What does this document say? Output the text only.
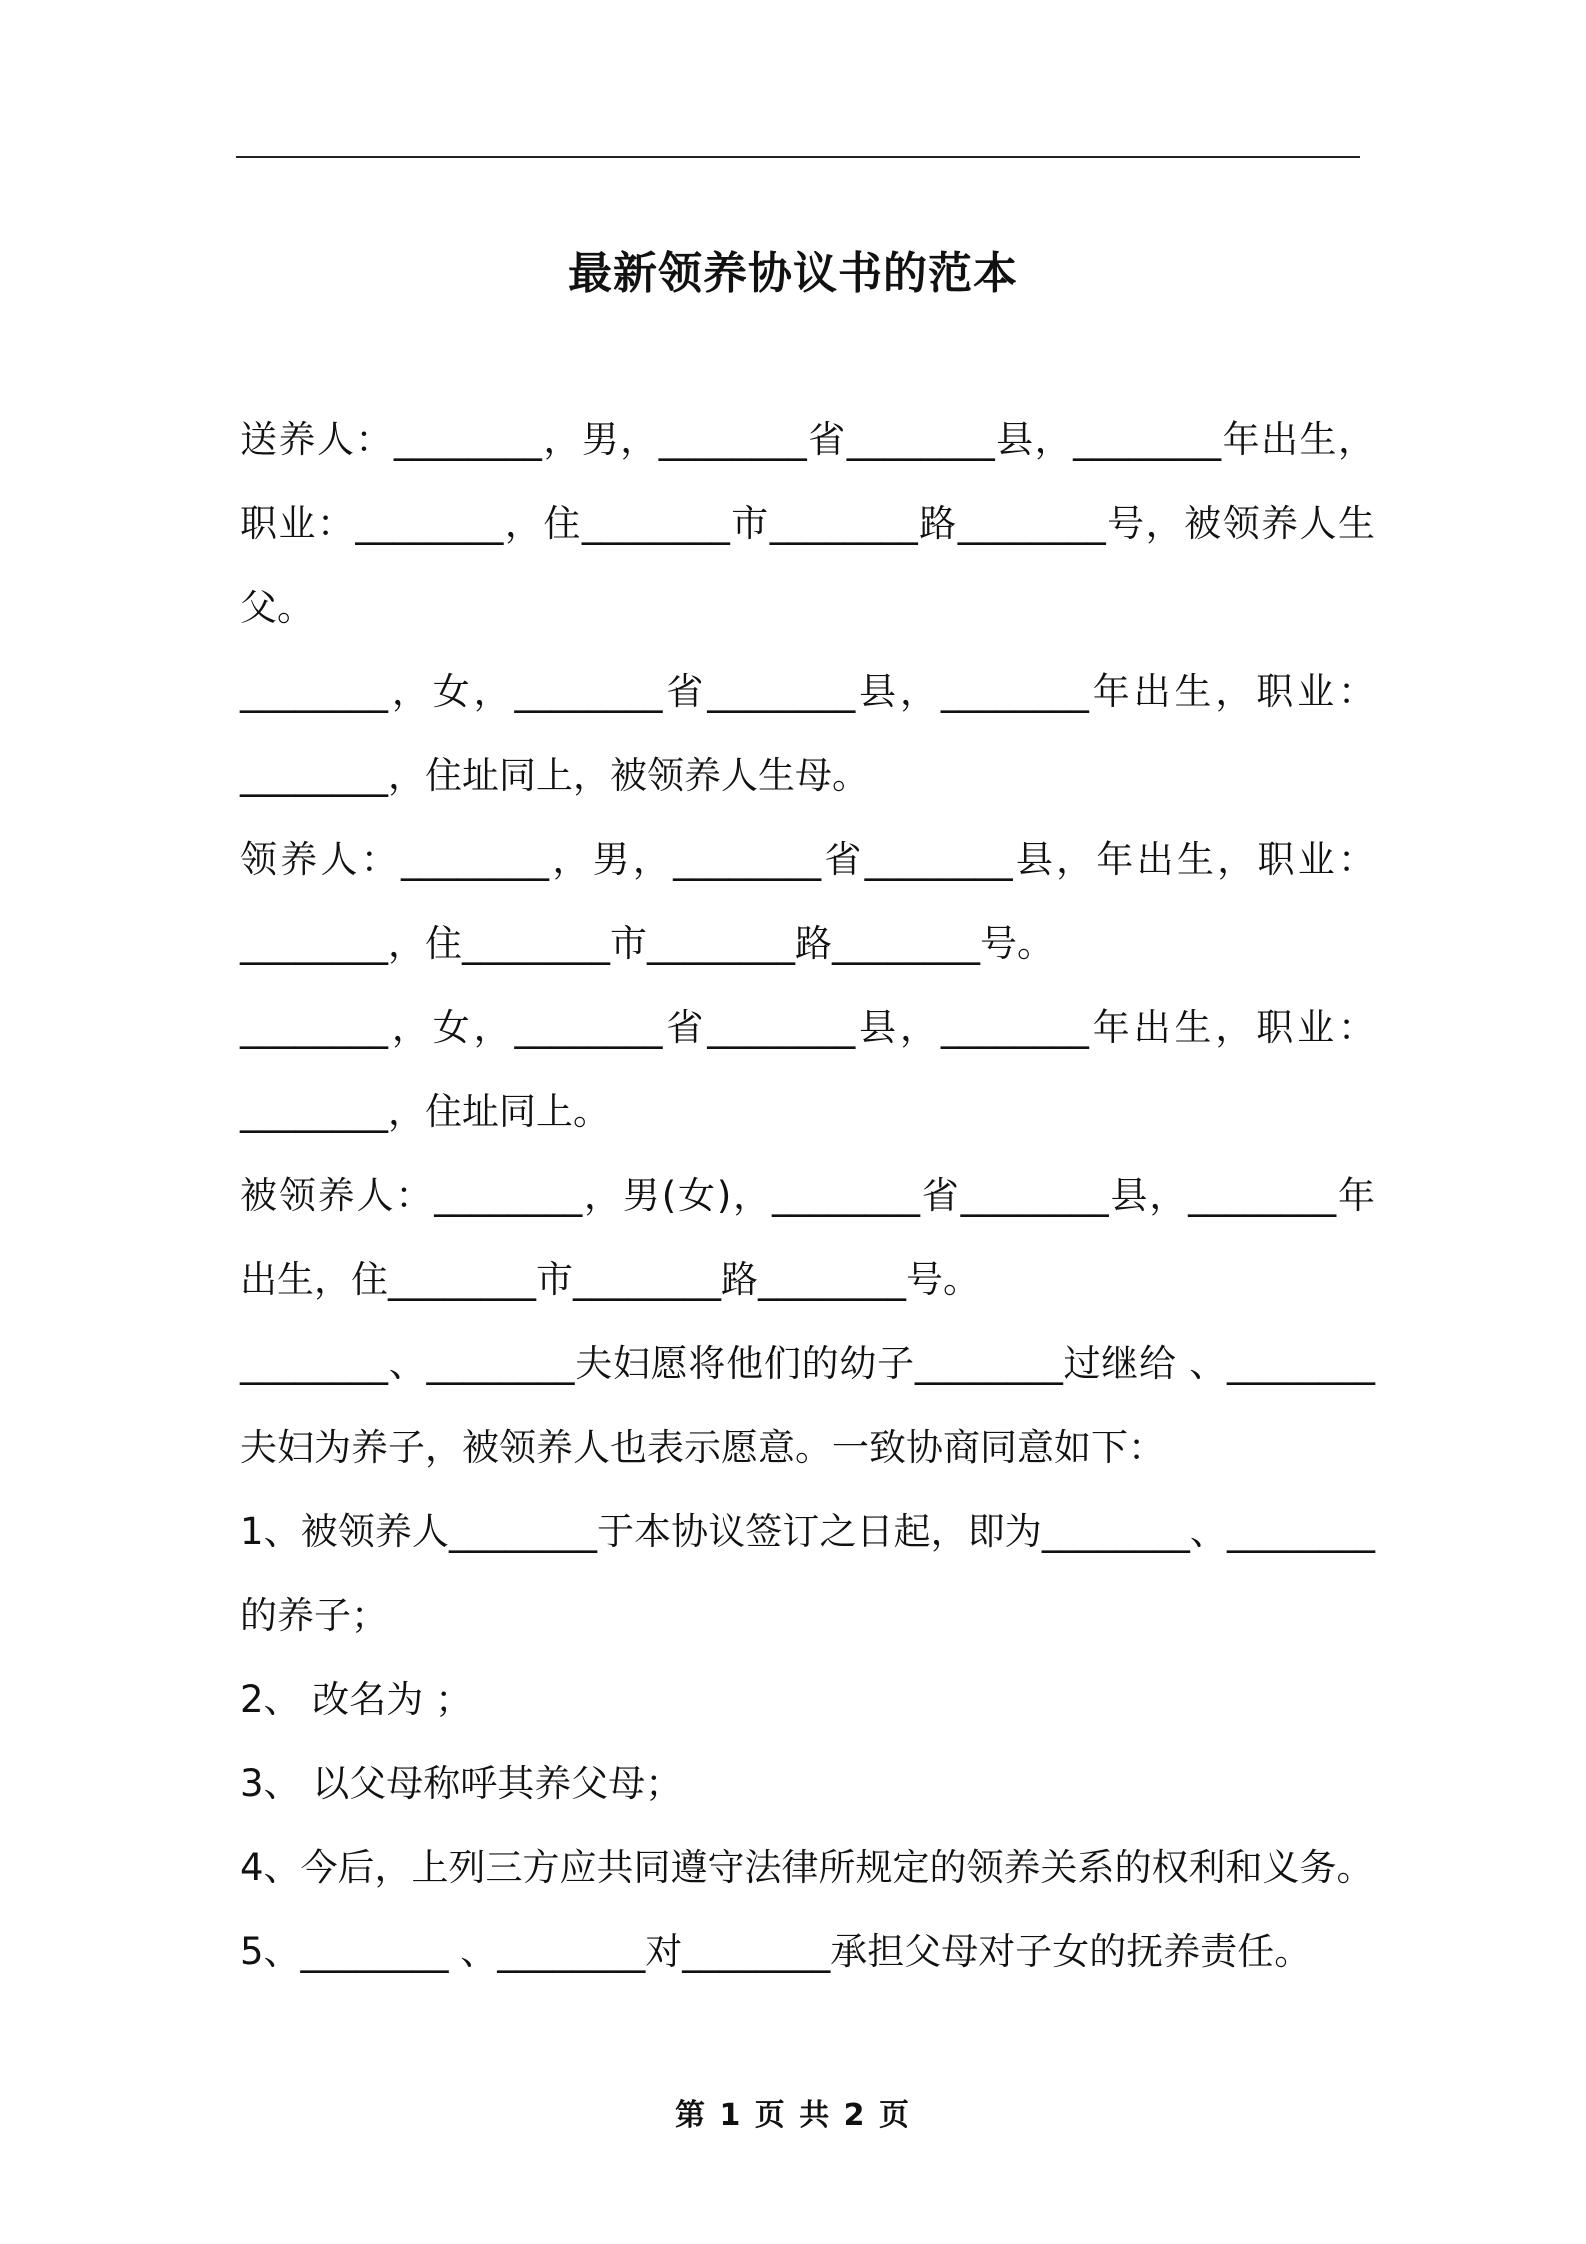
最新领养协议书的范本

送养人：________，男，________省________县，________年出生，职业：________，住________市________路________号，被领养人生父。

________，女，________省________县，________年出生，职业：________，住址同上，被领养人生母。

领养人：________，男，________省________县，年出生，职业：________，住________市________路________号。

________，女，________省________县，________年出生，职业：________，住址同上。

被领养人：________，男(女)，________省________县，________年出生，住________市________路________号。

________、________夫妇愿将他们的幼子________过继给 、________夫妇为养子，被领养人也表示愿意。一致协商同意如下：

1、被领养人________于本协议签订之日起，即为________、________的养子；

2、 改名为 ；

3、 以父母称呼其养父母；

4、今后，上列三方应共同遵守法律所规定的领养关系的权利和义务。

5、________ 、________对________承担父母对子女的抚养责任。

第 1 页 共 2 页
